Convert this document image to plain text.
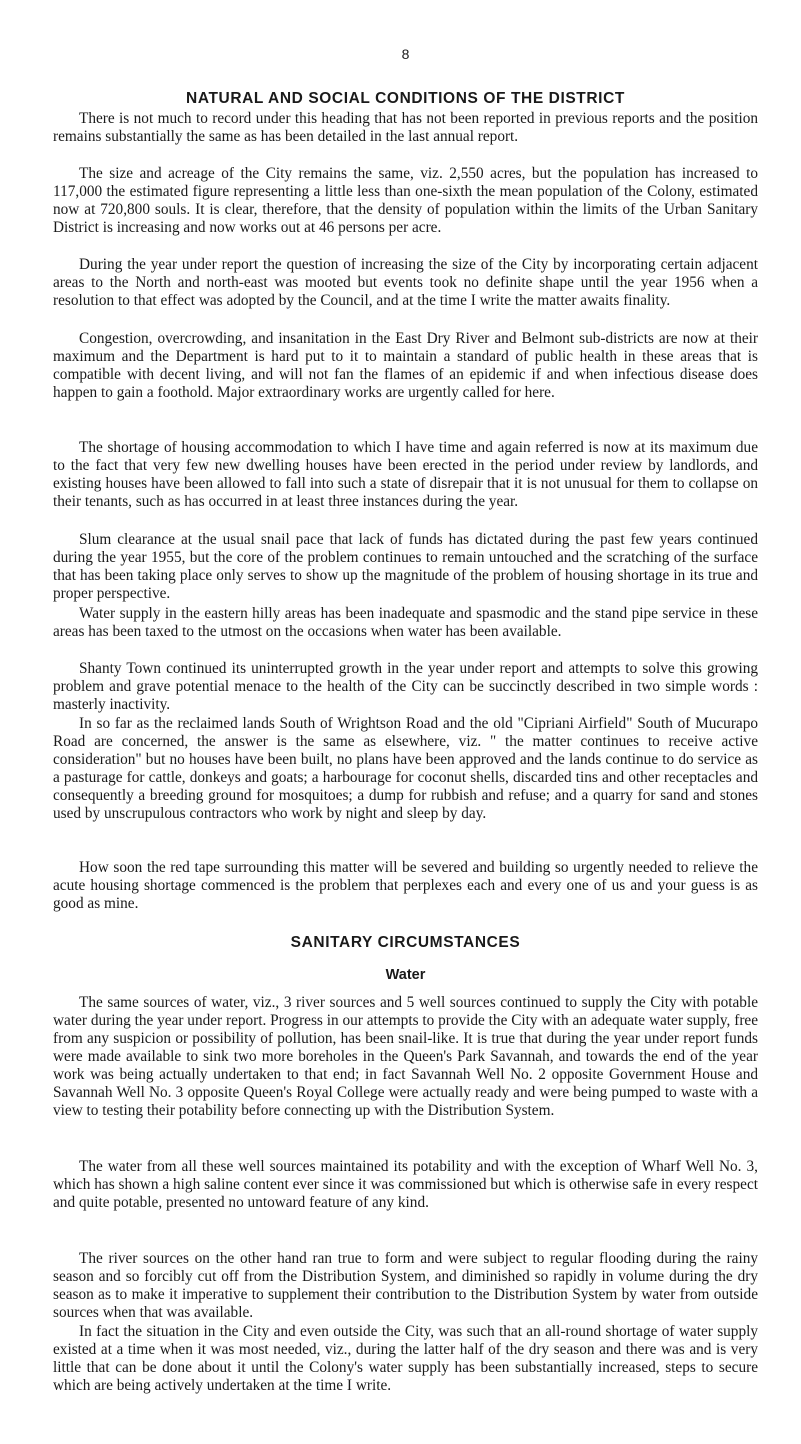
8
NATURAL AND SOCIAL CONDITIONS OF THE DISTRICT

There is not much to record under this heading that has not been reported in previous reports and the position remains substantially the same as has been detailed in the last annual report.

The size and acreage of the City remains the same, viz. 2,550 acres, but the population has increased to 117,000 the estimated figure representing a little less than one-sixth the mean population of the Colony, estimated now at 720,800 souls. It is clear, therefore, that the density of population within the limits of the Urban Sanitary District is increasing and now works out at 46 persons per acre.

During the year under report the question of increasing the size of the City by incorporating certain adjacent areas to the North and north-east was mooted but events took no definite shape until the year 1956 when a resolution to that effect was adopted by the Council, and at the time I write the matter awaits finality.

Congestion, overcrowding, and insanitation in the East Dry River and Belmont sub-districts are now at their maximum and the Department is hard put to it to maintain a standard of public health in these areas that is compatible with decent living, and will not fan the flames of an epidemic if and when infectious disease does happen to gain a foothold. Major extraordinary works are urgently called for here.

The shortage of housing accommodation to which I have time and again referred is now at its maximum due to the fact that very few new dwelling houses have been erected in the period under review by landlords, and existing houses have been allowed to fall into such a state of disrepair that it is not unusual for them to collapse on their tenants, such as has occurred in at least three instances during the year.

Slum clearance at the usual snail pace that lack of funds has dictated during the past few years continued during the year 1955, but the core of the problem continues to remain untouched and the scratching of the surface that has been taking place only serves to show up the magnitude of the problem of housing shortage in its true and proper perspective.

Water supply in the eastern hilly areas has been inadequate and spasmodic and the stand pipe service in these areas has been taxed to the utmost on the occasions when water has been available.

Shanty Town continued its uninterrupted growth in the year under report and attempts to solve this growing problem and grave potential menace to the health of the City can be succinctly described in two simple words : masterly inactivity.

In so far as the reclaimed lands South of Wrightson Road and the old "Cipriani Airfield" South of Mucurapo Road are concerned, the answer is the same as elsewhere, viz. " the matter continues to receive active consideration" but no houses have been built, no plans have been approved and the lands continue to do service as a pasturage for cattle, donkeys and goats; a harbourage for coconut shells, discarded tins and other receptacles and consequently a breeding ground for mosquitoes; a dump for rubbish and refuse; and a quarry for sand and stones used by unscrupulous contractors who work by night and sleep by day.

How soon the red tape surrounding this matter will be severed and building so urgently needed to relieve the acute housing shortage commenced is the problem that perplexes each and every one of us and your guess is as good as mine.

SANITARY CIRCUMSTANCES
Water

The same sources of water, viz., 3 river sources and 5 well sources continued to supply the City with potable water during the year under report. Progress in our attempts to provide the City with an adequate water supply, free from any suspicion or possibility of pollution, has been snail-like. It is true that during the year under report funds were made available to sink two more boreholes in the Queen's Park Savannah, and towards the end of the year work was being actually undertaken to that end; in fact Savannah Well No. 2 opposite Government House and Savannah Well No. 3 opposite Queen's Royal College were actually ready and were being pumped to waste with a view to testing their potability before connecting up with the Distribution System.

The water from all these well sources maintained its potability and with the exception of Wharf Well No. 3, which has shown a high saline content ever since it was commissioned but which is otherwise safe in every respect and quite potable, presented no untoward feature of any kind.

The river sources on the other hand ran true to form and were subject to regular flooding during the rainy season and so forcibly cut off from the Distribution System, and diminished so rapidly in volume during the dry season as to make it imperative to supplement their contribution to the Distribution System by water from outside sources when that was available.

In fact the situation in the City and even outside the City, was such that an all-round shortage of water supply existed at a time when it was most needed, viz., during the latter half of the dry season and there was and is very little that can be done about it until the Colony's water supply has been substantially increased, steps to secure which are being actively undertaken at the time I write.
